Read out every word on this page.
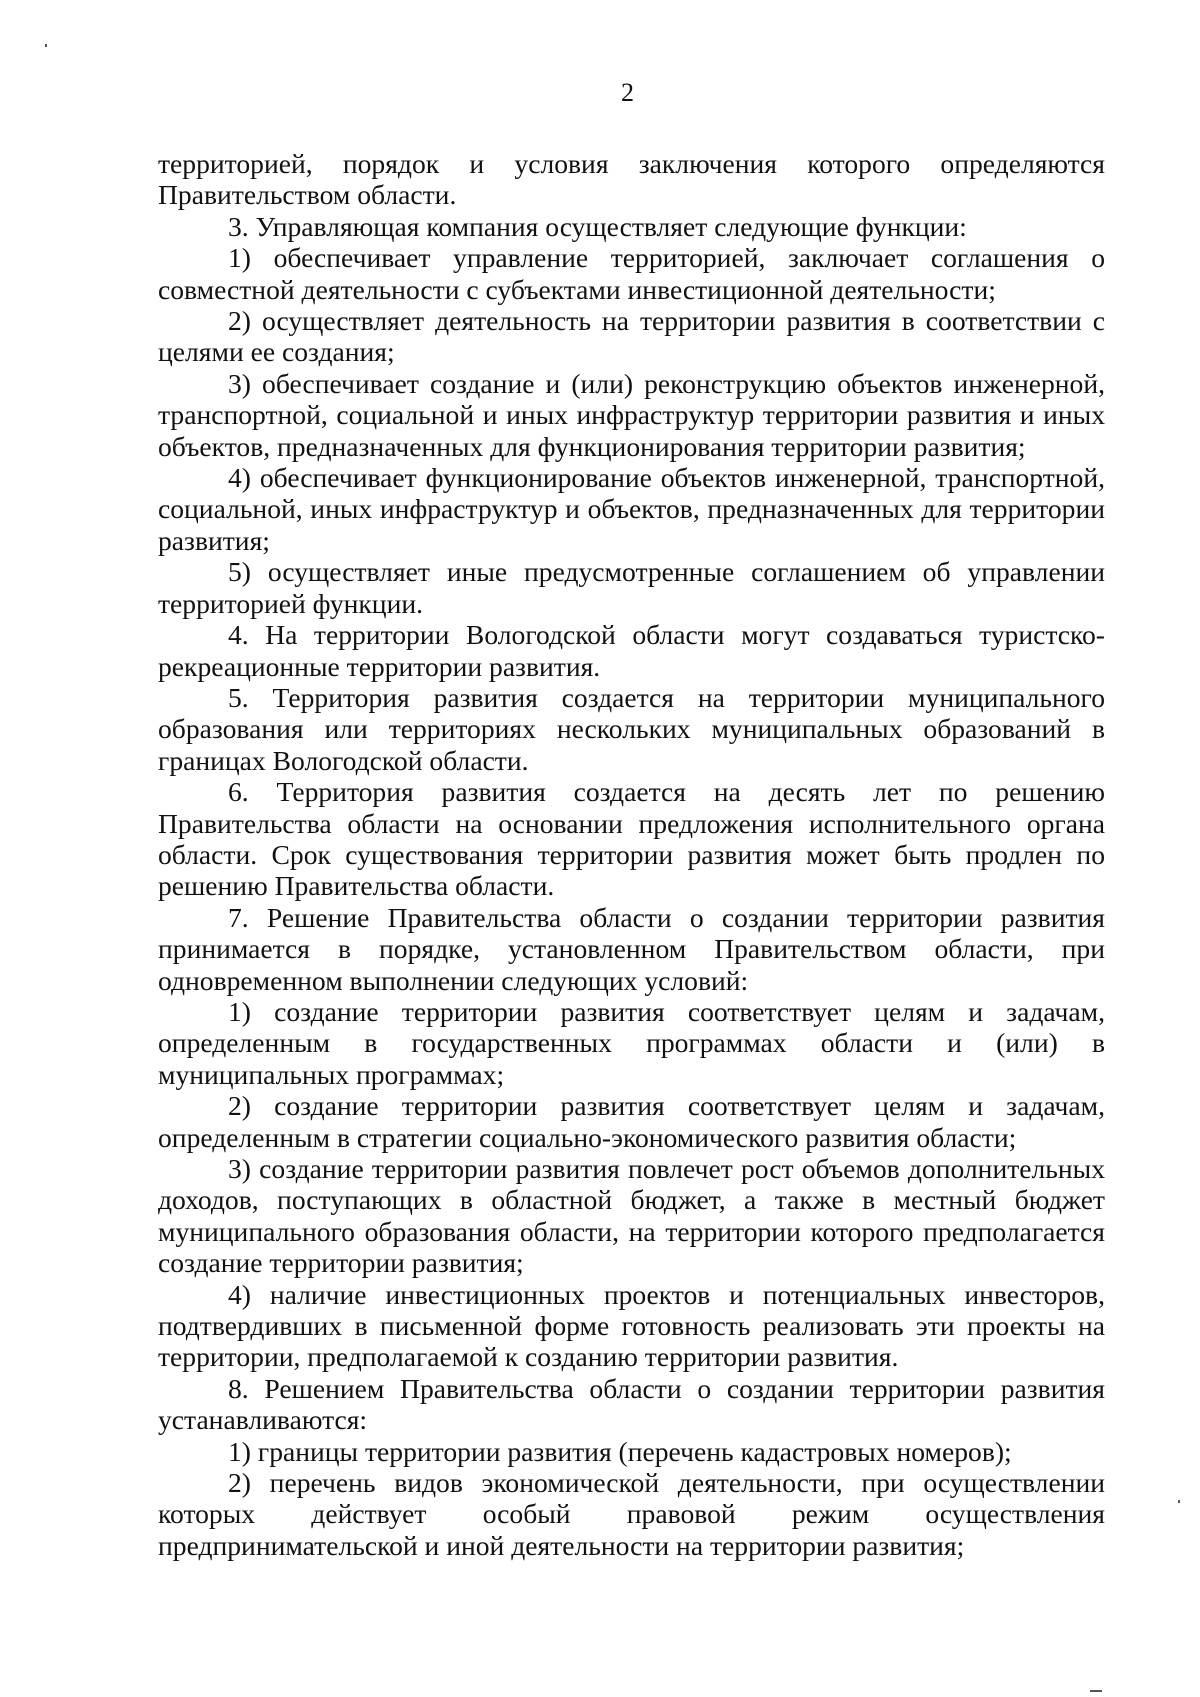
2

территорией, порядок и условия заключения которого определяются Правительством области.

3. Управляющая компания осуществляет следующие функции:

1) обеспечивает управление территорией, заключает соглашения о совместной деятельности с субъектами инвестиционной деятельности;

2) осуществляет деятельность на территории развития в соответствии с целями ее создания;

3) обеспечивает создание и (или) реконструкцию объектов инженерной, транспортной, социальной и иных инфраструктур территории развития и иных объектов, предназначенных для функционирования территории развития;

4) обеспечивает функционирование объектов инженерной, транспортной, социальной, иных инфраструктур и объектов, предназначенных для территории развития;

5) осуществляет иные предусмотренные соглашением об управлении территорией функции.

4. На территории Вологодской области могут создаваться туристско-рекреационные территории развития.

5. Территория развития создается на территории муниципального образования или территориях нескольких муниципальных образований в границах Вологодской области.

6. Территория развития создается на десять лет по решению Правительства области на основании предложения исполнительного органа области. Срок существования территории развития может быть продлен по решению Правительства области.

7. Решение Правительства области о создании территории развития принимается в порядке, установленном Правительством области, при одновременном выполнении следующих условий:

1) создание территории развития соответствует целям и задачам, определенным в государственных программах области и (или) в муниципальных программах;

2) создание территории развития соответствует целям и задачам, определенным в стратегии социально-экономического развития области;

3) создание территории развития повлечет рост объемов дополнительных доходов, поступающих в областной бюджет, а также в местный бюджет муниципального образования области, на территории которого предполагается создание территории развития;

4) наличие инвестиционных проектов и потенциальных инвесторов, подтвердивших в письменной форме готовность реализовать эти проекты на территории, предполагаемой к созданию территории развития.

8. Решением Правительства области о создании территории развития устанавливаются:

1) границы территории развития (перечень кадастровых номеров);

2) перечень видов экономической деятельности, при осуществлении которых действует особый правовой режим осуществления предпринимательской и иной деятельности на территории развития;
